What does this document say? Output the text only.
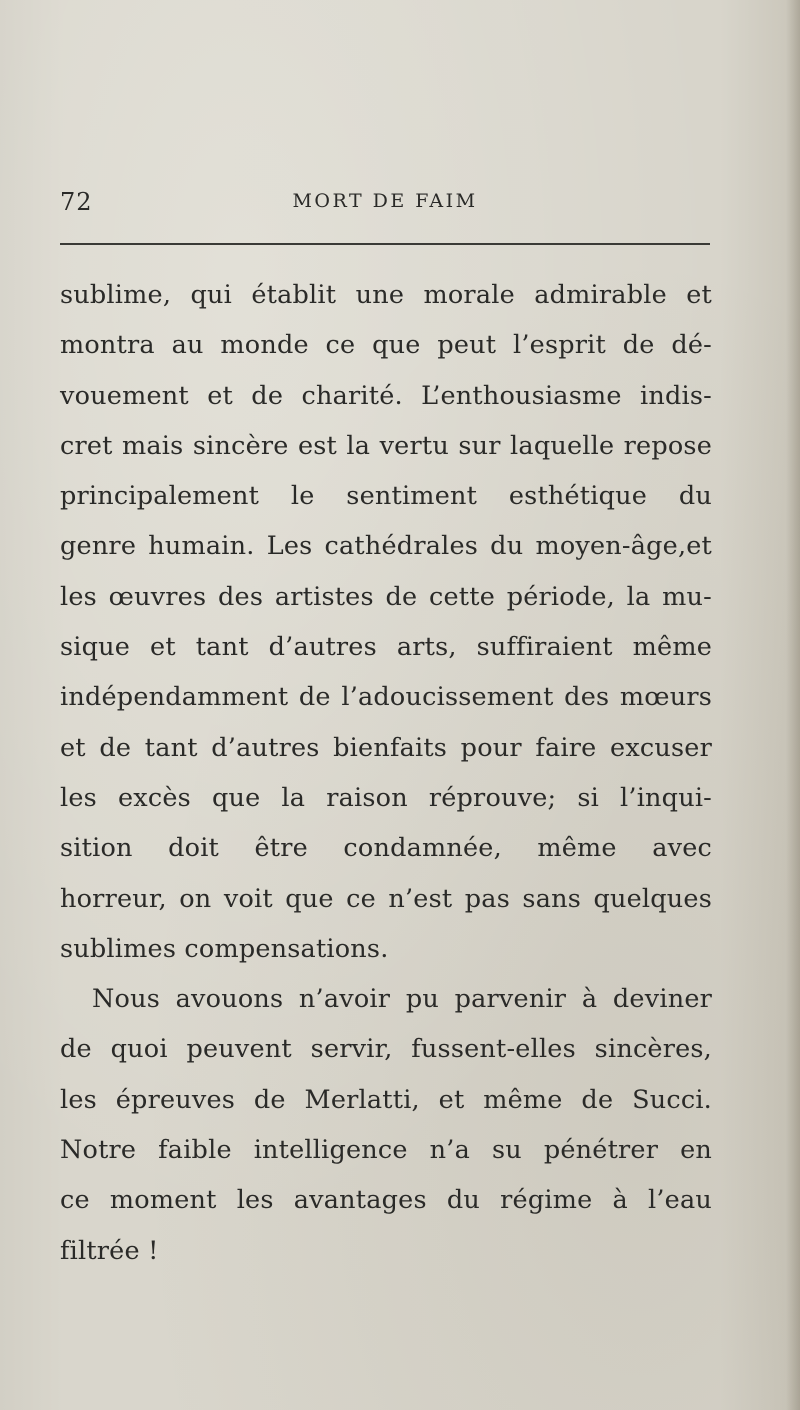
72	MORT DE FAIM
sublime, qui établit une morale admirable et
montra au monde ce que peut l’esprit de dé-
vouement et de charité. L’enthousiasme indis-
cret mais sincère est la vertu sur laquelle repose
principalement le sentiment esthétique du
genre humain. Les cathédrales du moyen-âge,et
les œuvres des artistes de cette période, la mu-
sique et tant d’autres arts, suffiraient même
indépendamment de l’adoucissement des mœurs
et de tant d’autres bienfaits pour faire excuser
les excès que la raison réprouve; si l’inqui-
sition doit être condamnée, même avec
horreur, on voit que ce n’est pas sans quelques
sublimes compensations.
Nous avouons n’avoir pu parvenir à deviner
de quoi peuvent servir, fussent-elles sincères,
les épreuves de Merlatti, et même de Succi.
Notre faible intelligence n’a su pénétrer en
ce moment les avantages du régime à l’eau
filtrée !
